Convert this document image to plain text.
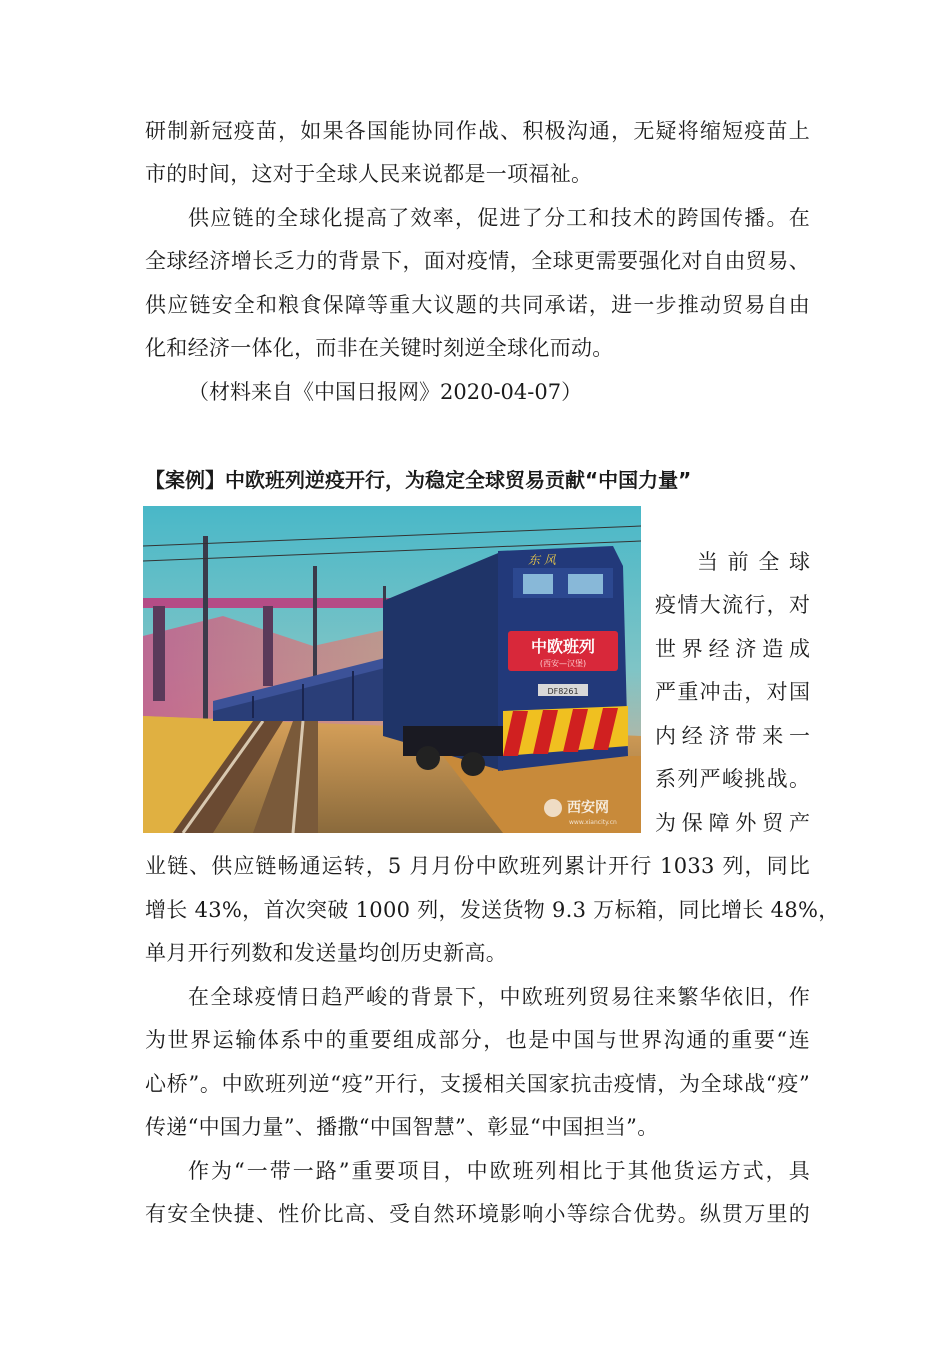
研制新冠疫苗，如果各国能协同作战、积极沟通，无疑将缩短疫苗上
市的时间，这对于全球人民来说都是一项福祉。
供应链的全球化提高了效率，促进了分工和技术的跨国传播。在
全球经济增长乏力的背景下，面对疫情，全球更需要强化对自由贸易、
供应链安全和粮食保障等重大议题的共同承诺，进一步推动贸易自由
化和经济一体化，而非在关键时刻逆全球化而动。
（材料来自《中国日报网》2020-04-07）
【案例】中欧班列逆疫开行，为稳定全球贸易贡献“中国力量”
中欧班列
(西安—汉堡)
东 风
DF8261
西安网
www.xiancity.cn
当前全球
疫情大流行，对
世界经济造成
严重冲击，对国
内经济带来一
系列严峻挑战。
为保障外贸产
业链、供应链畅通运转，5 月月份中欧班列累计开行 1033 列，同比
增长 43%，首次突破 1000 列，发送货物 9.3 万标箱，同比增长 48%，
单月开行列数和发送量均创历史新高。
在全球疫情日趋严峻的背景下，中欧班列贸易往来繁华依旧，作
为世界运输体系中的重要组成部分，也是中国与世界沟通的重要“连
心桥”。中欧班列逆“疫”开行，支援相关国家抗击疫情，为全球战“疫”
传递“中国力量”、播撒“中国智慧”、彰显“中国担当”。
作为“一带一路”重要项目，中欧班列相比于其他货运方式，具
有安全快捷、性价比高、受自然环境影响小等综合优势。纵贯万里的
